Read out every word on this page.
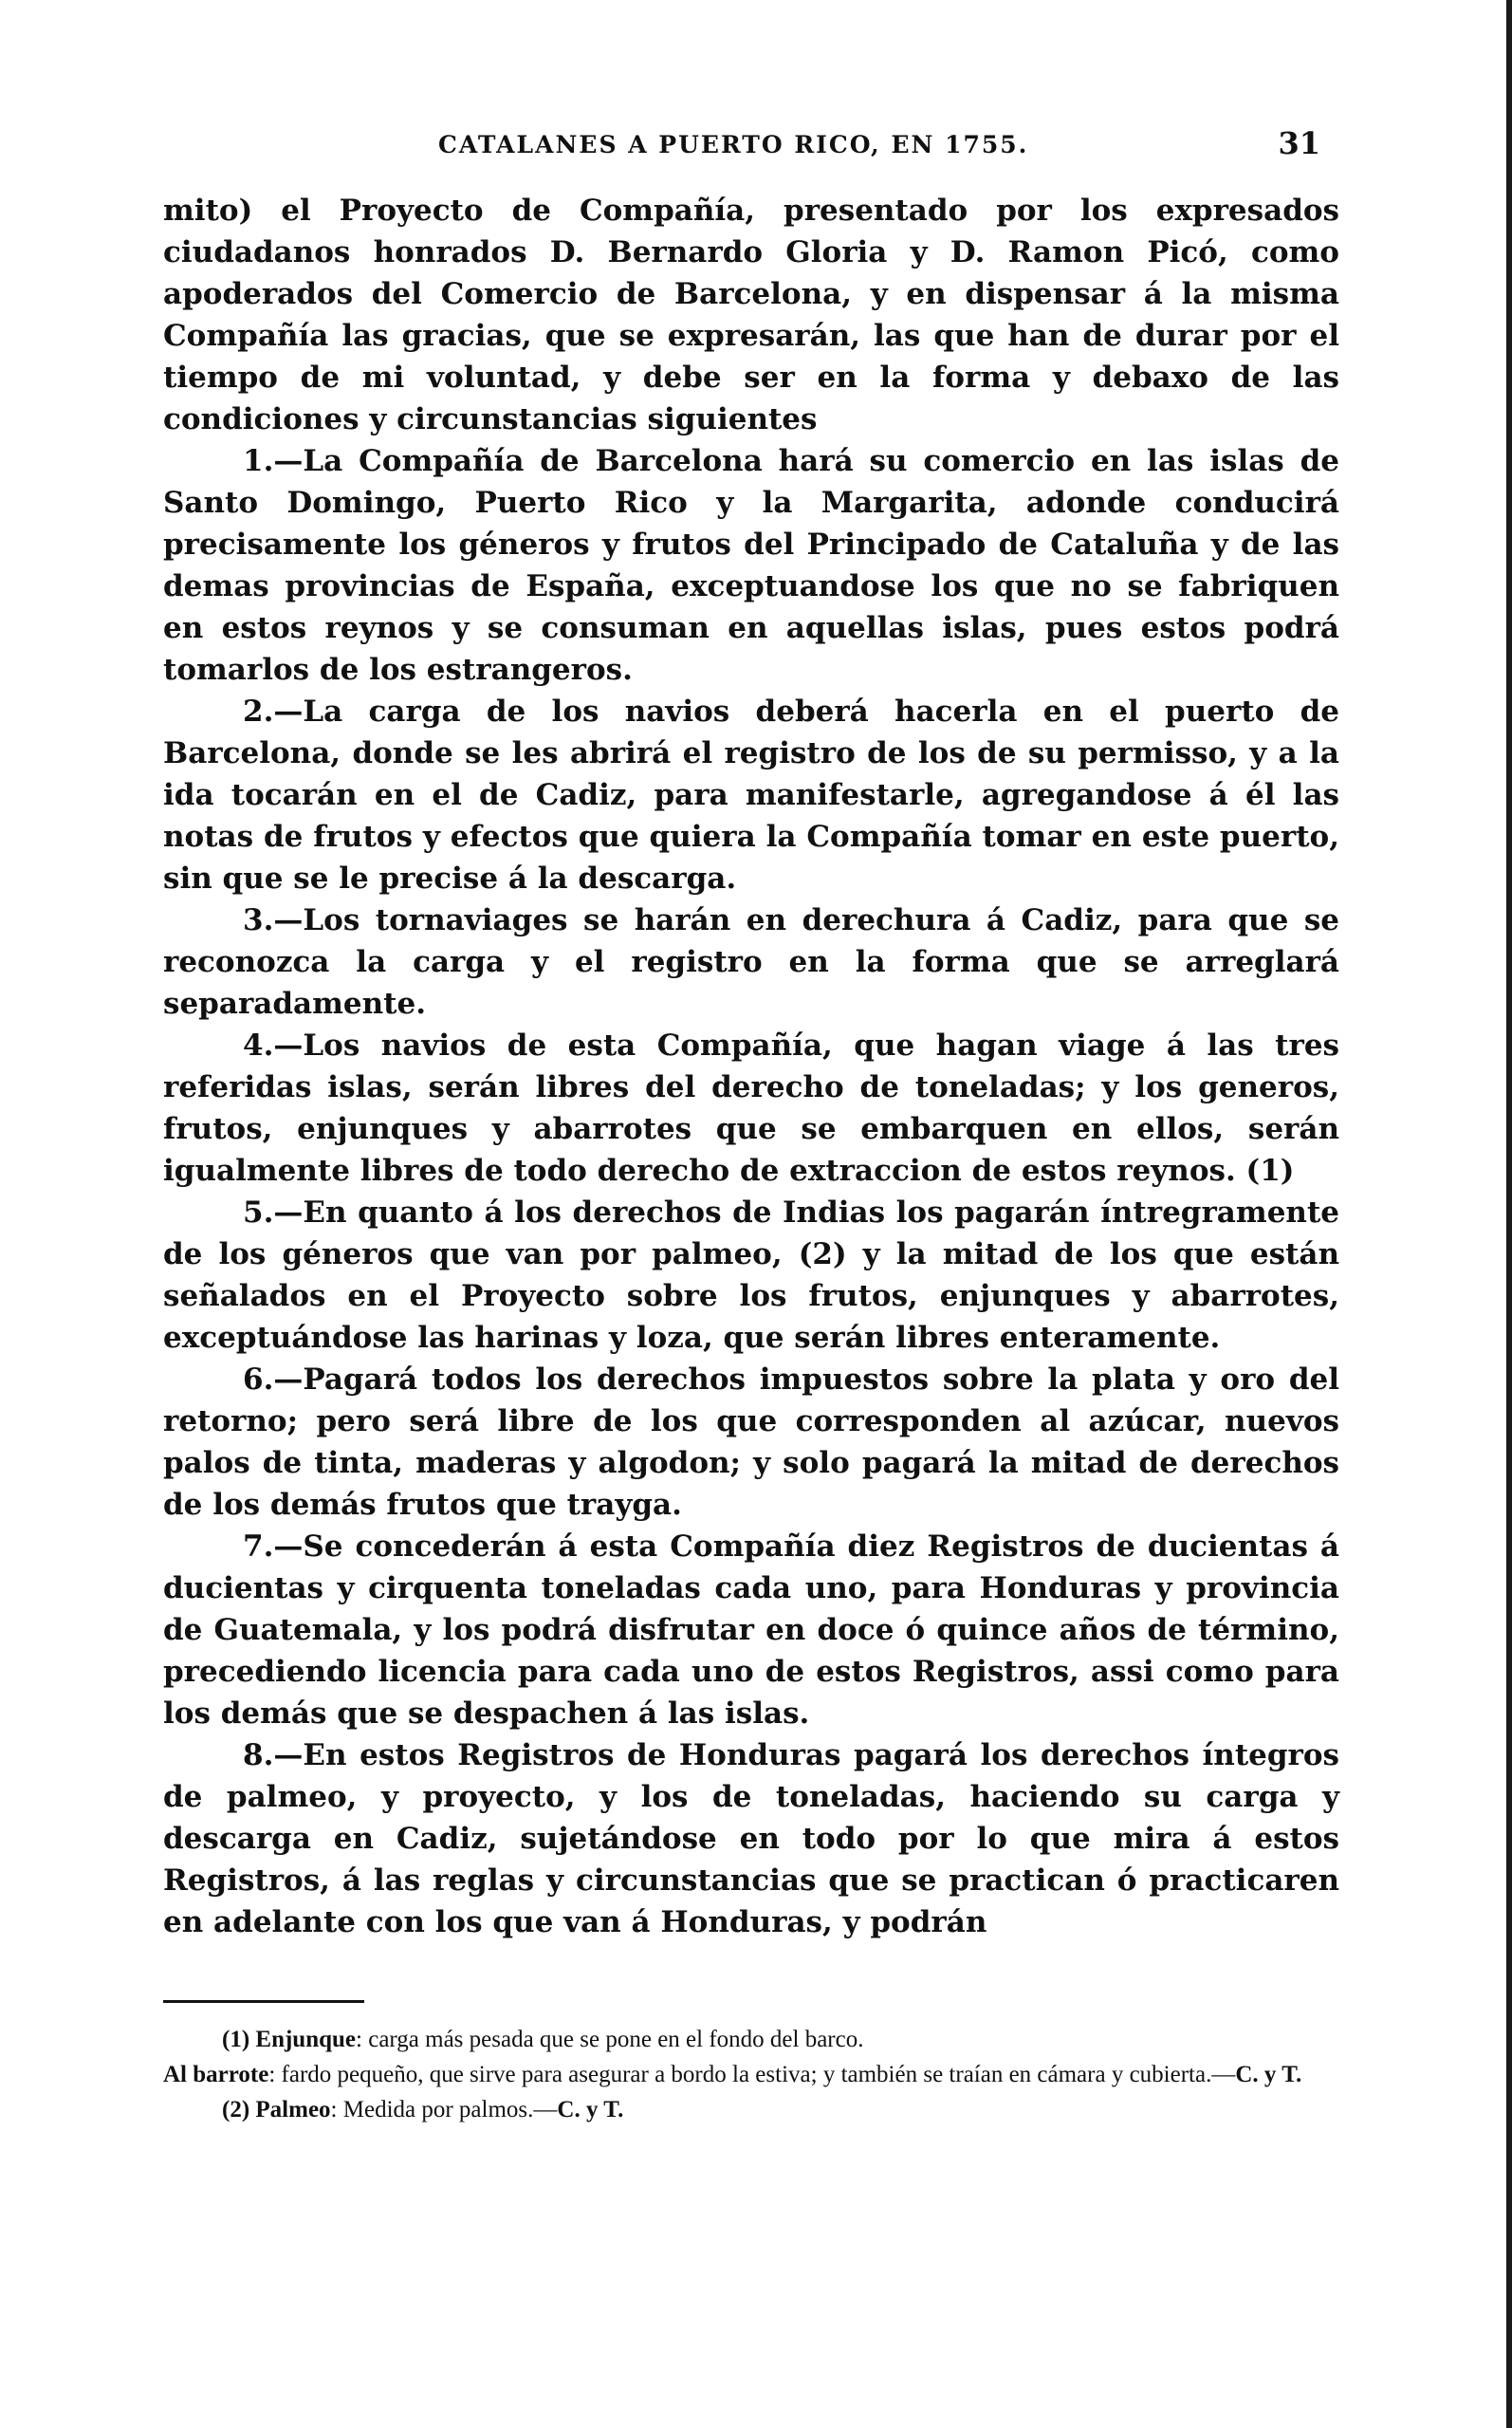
CATALANES A PUERTO RICO, EN 1755.	31

mito) el Proyecto de Compañía, presentado por los expresados ciudadanos honrados D. Bernardo Gloria y D. Ramon Picó, como apoderados del Comercio de Barcelona, y en dispensar á la misma Compañía las gracias, que se expresarán, las que han de durar por el tiempo de mi voluntad, y debe ser en la forma y debaxo de las condiciones y circunstancias siguientes

1.—La Compañía de Barcelona hará su comercio en las islas de Santo Domingo, Puerto Rico y la Margarita, adonde conducirá precisamente los géneros y frutos del Principado de Cataluña y de las demas provincias de España, exceptuandose los que no se fabriquen en estos reynos y se consuman en aquellas islas, pues estos podrá tomarlos de los estrangeros.

2.—La carga de los navios deberá hacerla en el puerto de Barcelona, donde se les abrirá el registro de los de su permisso, y a la ida tocarán en el de Cadiz, para manifestarle, agregandose á él las notas de frutos y efectos que quiera la Compañía tomar en este puerto, sin que se le precise á la descarga.

3.—Los tornaviages se harán en derechura á Cadiz, para que se reconozca la carga y el registro en la forma que se arreglará separadamente.

4.—Los navios de esta Compañía, que hagan viage á las tres referidas islas, serán libres del derecho de toneladas; y los generos, frutos, enjunques y abarrotes que se embarquen en ellos, serán igualmente libres de todo derecho de extraccion de estos reynos. (1)

5.—En quanto á los derechos de Indias los pagarán íntregramente de los géneros que van por palmeo, (2) y la mitad de los que están señalados en el Proyecto sobre los frutos, enjunques y abarrotes, exceptuándose las harinas y loza, que serán libres enteramente.

6.—Pagará todos los derechos impuestos sobre la plata y oro del retorno; pero será libre de los que corresponden al azúcar, nuevos palos de tinta, maderas y algodon; y solo pagará la mitad de derechos de los demás frutos que trayga.

7.—Se concederán á esta Compañía diez Registros de ducientas á ducientas y cirquenta toneladas cada uno, para Honduras y provincia de Guatemala, y los podrá disfrutar en doce ó quince años de término, precediendo licencia para cada uno de estos Registros, assi como para los demás que se despachen á las islas.

8.—En estos Registros de Honduras pagará los derechos íntegros de palmeo, y proyecto, y los de toneladas, haciendo su carga y descarga en Cadiz, sujetándose en todo por lo que mira á estos Registros, á las reglas y circunstancias que se practican ó practicaren en adelante con los que van á Honduras, y podrán

(1) Enjunque: carga más pesada que se pone en el fondo del barco.

Al barrote: fardo pequeño, que sirve para asegurar a bordo la estiva; y también se traían en cámara y cubierta.—C. y T.

(2) Palmeo: Medida por palmos.—C. y T.
